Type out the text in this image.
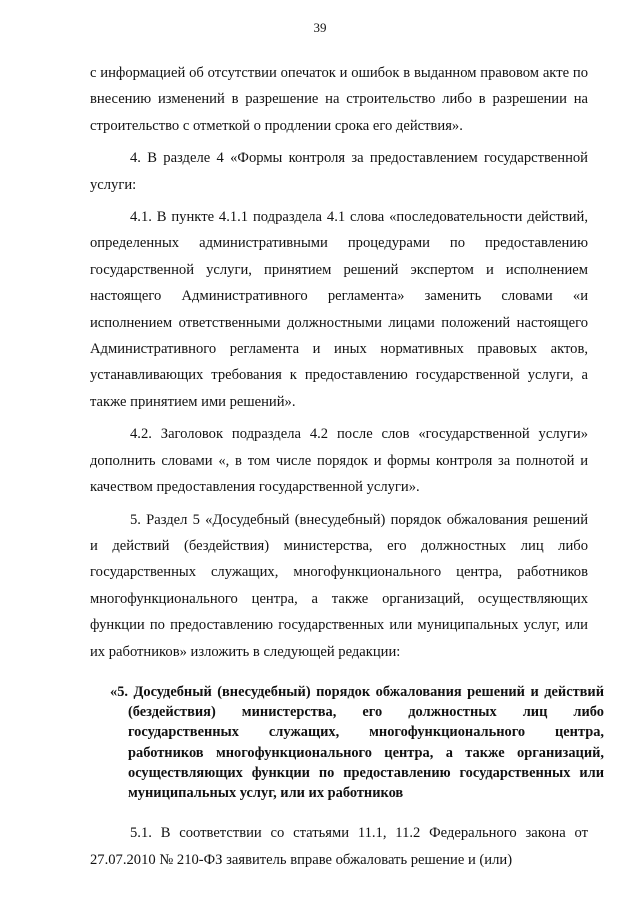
39

с информацией об отсутствии опечаток и ошибок в выданном правовом акте по внесению изменений в разрешение на строительство либо в разрешении на строительство с отметкой о продлении срока его действия».

4. В разделе 4 «Формы контроля за предоставлением государственной услуги:

4.1. В пункте 4.1.1 подраздела 4.1 слова «последовательности действий, определенных административными процедурами по предоставлению государственной услуги, принятием решений экспертом и исполнением настоящего Административного регламента» заменить словами «и исполнением ответственными должностными лицами положений настоящего Административного регламента и иных нормативных правовых актов, устанавливающих требования к предоставлению государственной услуги, а также принятием ими решений».

4.2. Заголовок подраздела 4.2 после слов «государственной услуги» дополнить словами «, в том числе порядок и формы контроля за полнотой и качеством предоставления государственной услуги».

5. Раздел 5 «Досудебный (внесудебный) порядок обжалования решений и действий (бездействия) министерства, его должностных лиц либо государственных служащих, многофункционального центра, работников многофункционального центра, а также организаций, осуществляющих функции по предоставлению государственных или муниципальных услуг, или их работников» изложить в следующей редакции:

«5. Досудебный (внесудебный) порядок обжалования решений и действий (бездействия) министерства, его должностных лиц либо государственных служащих, многофункционального центра, работников многофункционального центра, а также организаций, осуществляющих функции по предоставлению государственных или муниципальных услуг, или их работников

5.1. В соответствии со статьями 11.1, 11.2 Федерального закона от 27.07.2010 № 210-ФЗ заявитель вправе обжаловать решение и (или)
